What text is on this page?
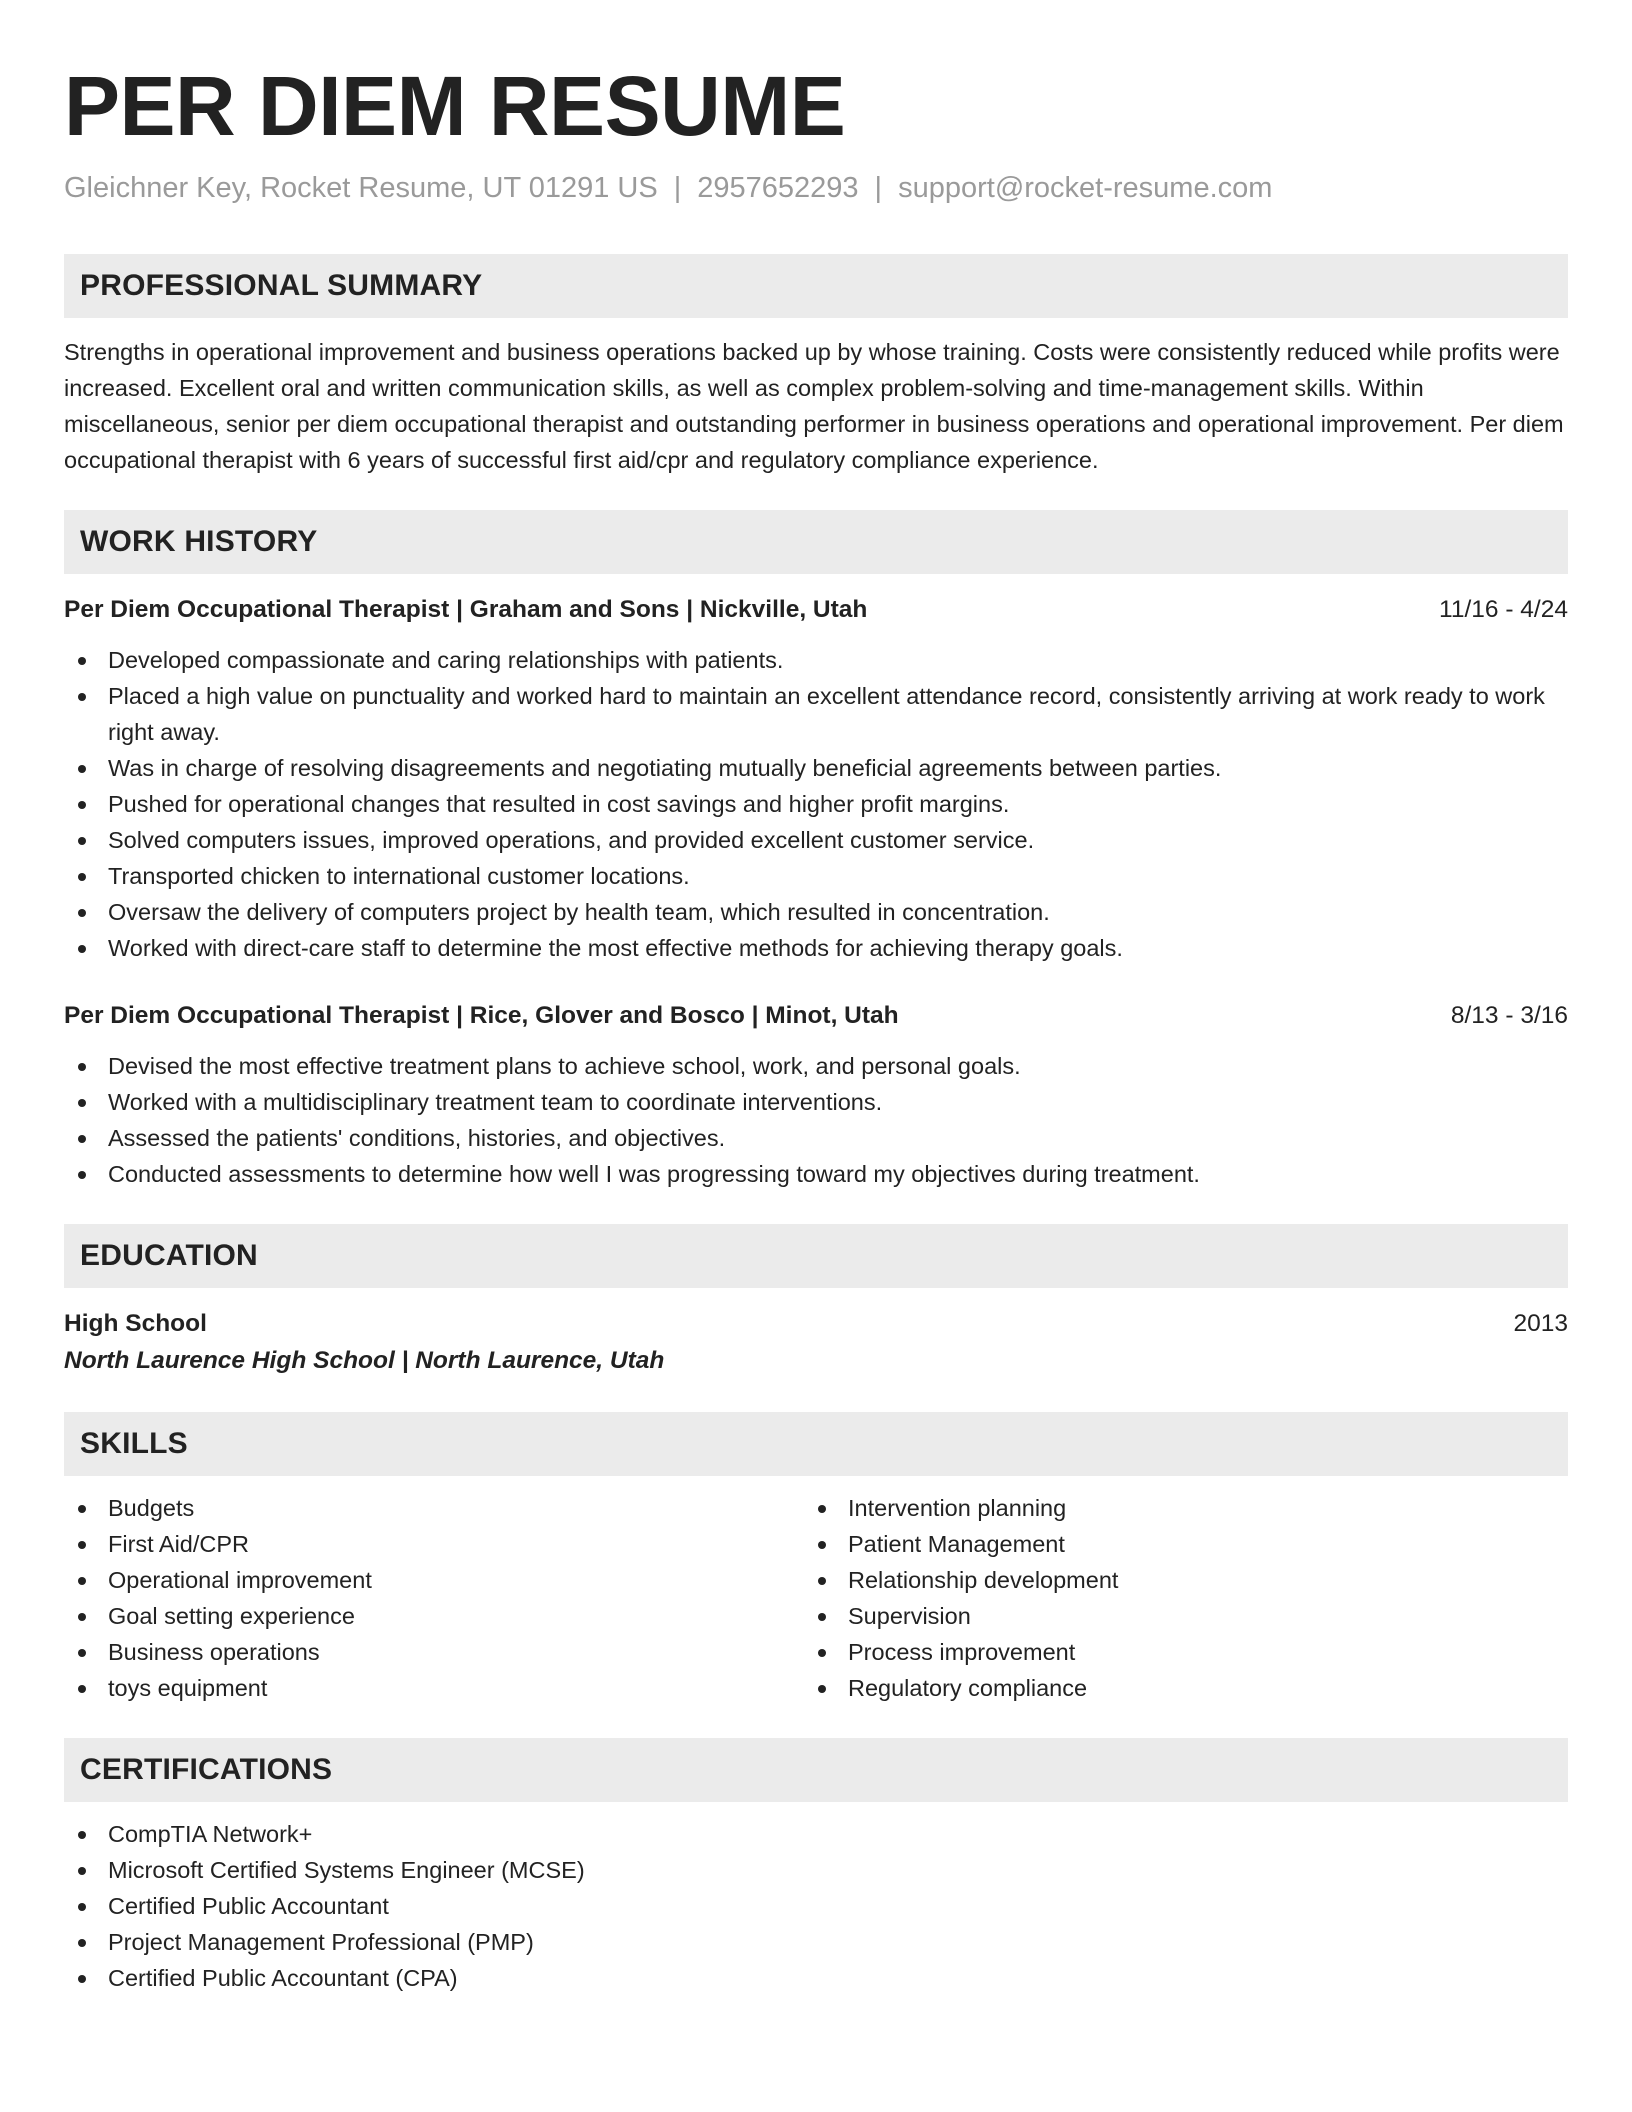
PER DIEM RESUME
Gleichner Key, Rocket Resume, UT 01291 US | 2957652293 | support@rocket-resume.com
PROFESSIONAL SUMMARY

Strengths in operational improvement and business operations backed up by whose training. Costs were consistently reduced while profits were increased. Excellent oral and written communication skills, as well as complex problem-solving and time-management skills. Within miscellaneous, senior per diem occupational therapist and outstanding performer in business operations and operational improvement. Per diem occupational therapist with 6 years of successful first aid/cpr and regulatory compliance experience.

WORK HISTORY
Per Diem Occupational Therapist | Graham and Sons | Nickville, Utah	11/16 - 4/24
Developed compassionate and caring relationships with patients.
Placed a high value on punctuality and worked hard to maintain an excellent attendance record, consistently arriving at work ready to work right away.
Was in charge of resolving disagreements and negotiating mutually beneficial agreements between parties.
Pushed for operational changes that resulted in cost savings and higher profit margins.
Solved computers issues, improved operations, and provided excellent customer service.
Transported chicken to international customer locations.
Oversaw the delivery of computers project by health team, which resulted in concentration.
Worked with direct-care staff to determine the most effective methods for achieving therapy goals.
Per Diem Occupational Therapist | Rice, Glover and Bosco | Minot, Utah	8/13 - 3/16
Devised the most effective treatment plans to achieve school, work, and personal goals.
Worked with a multidisciplinary treatment team to coordinate interventions.
Assessed the patients' conditions, histories, and objectives.
Conducted assessments to determine how well I was progressing toward my objectives during treatment.
EDUCATION
High School	2013
North Laurence High School | North Laurence, Utah
SKILLS
Budgets
First Aid/CPR
Operational improvement
Goal setting experience
Business operations
toys equipment
Intervention planning
Patient Management
Relationship development
Supervision
Process improvement
Regulatory compliance
CERTIFICATIONS
CompTIA Network+
Microsoft Certified Systems Engineer (MCSE)
Certified Public Accountant
Project Management Professional (PMP)
Certified Public Accountant (CPA)
